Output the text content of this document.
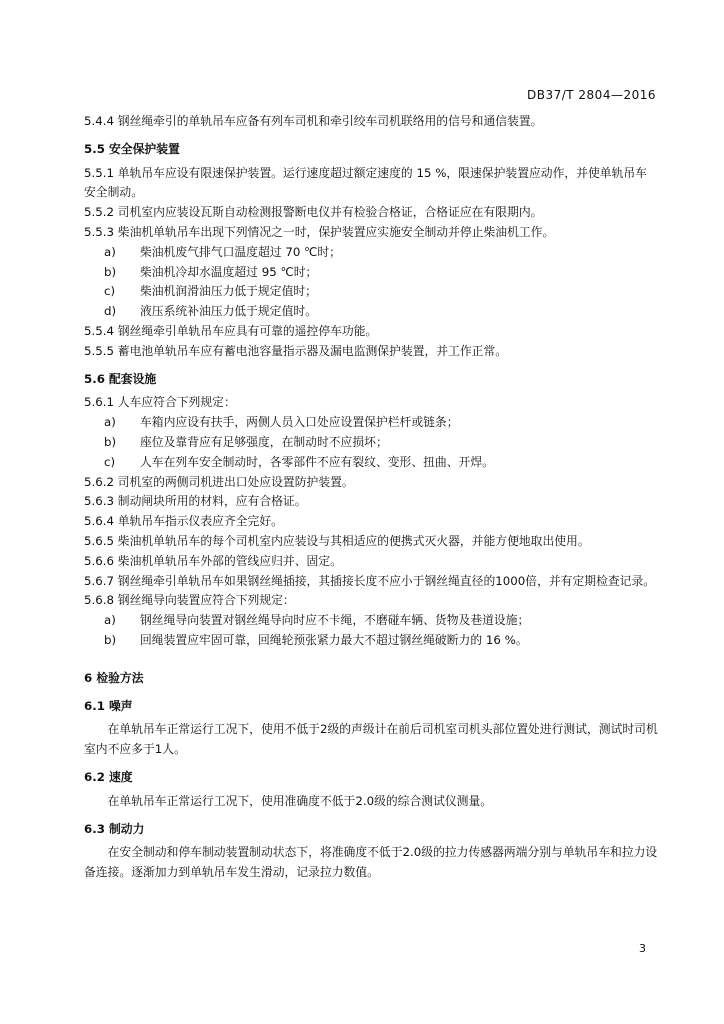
DB37/T 2804—2016

5.4.4 钢丝绳牵引的单轨吊车应备有列车司机和牵引绞车司机联络用的信号和通信装置。

5.5 安全保护装置

5.5.1 单轨吊车应设有限速保护装置。运行速度超过额定速度的 15 %，限速保护装置应动作，并使单轨吊车安全制动。

5.5.2 司机室内应装设瓦斯自动检测报警断电仪并有检验合格证，合格证应在有限期内。

5.5.3 柴油机单轨吊车出现下列情况之一时，保护装置应实施安全制动并停止柴油机工作。

a)	柴油机废气排气口温度超过 70 ℃时；
b)	柴油机冷却水温度超过 95 ℃时；
c)	柴油机润滑油压力低于规定值时；
d)	液压系统补油压力低于规定值时。

5.5.4 钢丝绳牵引单轨吊车应具有可靠的遥控停车功能。

5.5.5 蓄电池单轨吊车应有蓄电池容量指示器及漏电监测保护装置，并工作正常。

5.6 配套设施

5.6.1 人车应符合下列规定：

a)	车箱内应设有扶手，两侧人员入口处应设置保护栏杆或链条；
b)	座位及靠背应有足够强度，在制动时不应损坏；
c)	人车在列车安全制动时，各零部件不应有裂纹、变形、扭曲、开焊。

5.6.2 司机室的两侧司机进出口处应设置防护装置。

5.6.3 制动闸块所用的材料，应有合格证。

5.6.4 单轨吊车指示仪表应齐全完好。

5.6.5 柴油机单轨吊车的每个司机室内应装设与其相适应的便携式灭火器，并能方便地取出使用。

5.6.6 柴油机单轨吊车外部的管线应归并、固定。

5.6.7 钢丝绳牵引单轨吊车如果钢丝绳插接，其插接长度不应小于钢丝绳直径的1000倍，并有定期检查记录。

5.6.8 钢丝绳导向装置应符合下列规定：

a)	钢丝绳导向装置对钢丝绳导向时应不卡绳，不磨碰车辆、货物及巷道设施；
b)	回绳装置应牢固可靠，回绳轮预张紧力最大不超过钢丝绳破断力的 16 %。

6 检验方法

6.1 噪声

在单轨吊车正常运行工况下，使用不低于2级的声级计在前后司机室司机头部位置处进行测试，测试时司机室内不应多于1人。

6.2 速度

在单轨吊车正常运行工况下，使用准确度不低于2.0级的综合测试仪测量。

6.3 制动力

在安全制动和停车制动装置制动状态下，将准确度不低于2.0级的拉力传感器两端分别与单轨吊车和拉力设备连接。逐渐加力到单轨吊车发生滑动，记录拉力数值。

3
